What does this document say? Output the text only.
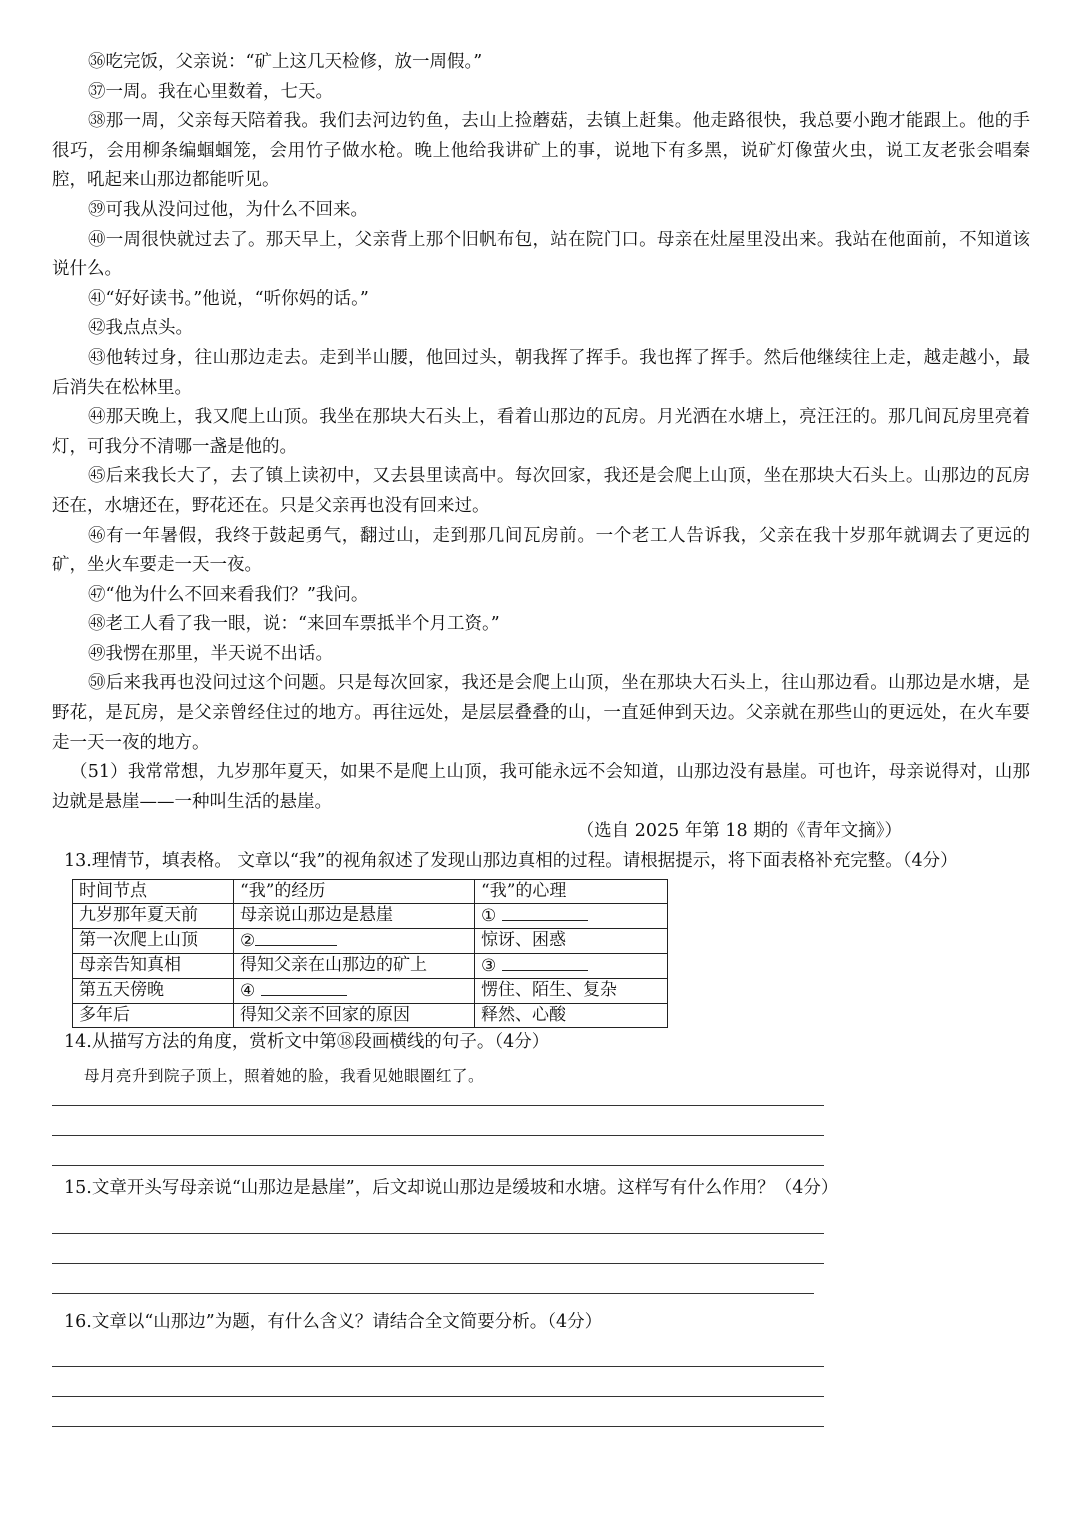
㊱吃完饭，父亲说：“矿上这几天检修，放一周假。”

㊲一周。我在心里数着，七天。

㊳那一周，父亲每天陪着我。我们去河边钓鱼，去山上捡蘑菇，去镇上赶集。他走路很快，我总要小跑才能跟上。他的手很巧，会用柳条编蝈蝈笼，会用竹子做水枪。晚上他给我讲矿上的事，说地下有多黑，说矿灯像萤火虫，说工友老张会唱秦腔，吼起来山那边都能听见。

㊴可我从没问过他，为什么不回来。

㊵一周很快就过去了。那天早上，父亲背上那个旧帆布包，站在院门口。母亲在灶屋里没出来。我站在他面前，不知道该说什么。

㊶“好好读书。”他说，“听你妈的话。”

㊷我点点头。

㊸他转过身，往山那边走去。走到半山腰，他回过头，朝我挥了挥手。我也挥了挥手。然后他继续往上走，越走越小，最后消失在松林里。

㊹那天晚上，我又爬上山顶。我坐在那块大石头上，看着山那边的瓦房。月光洒在水塘上，亮汪汪的。那几间瓦房里亮着灯，可我分不清哪一盏是他的。

㊺后来我长大了，去了镇上读初中，又去县里读高中。每次回家，我还是会爬上山顶，坐在那块大石头上。山那边的瓦房还在，水塘还在，野花还在。只是父亲再也没有回来过。

㊻有一年暑假，我终于鼓起勇气，翻过山，走到那几间瓦房前。一个老工人告诉我，父亲在我十岁那年就调去了更远的矿，坐火车要走一天一夜。

㊼“他为什么不回来看我们？”我问。

㊽老工人看了我一眼，说：“来回车票抵半个月工资。”

㊾我愣在那里，半天说不出话。

㊿后来我再也没问过这个问题。只是每次回家，我还是会爬上山顶，坐在那块大石头上，往山那边看。山那边是水塘，是野花，是瓦房，是父亲曾经住过的地方。再往远处，是层层叠叠的山，一直延伸到天边。父亲就在那些山的更远处，在火车要走一天一夜的地方。

（51）我常常想，九岁那年夏天，如果不是爬上山顶，我可能永远不会知道，山那边没有悬崖。可也许，母亲说得对，山那边就是悬崖——一种叫生活的悬崖。

（选自 2025 年第 18 期的《青年文摘》）

13.理情节，填表格。 文章以“我”的视角叙述了发现山那边真相的过程。请根据提示，将下面表格补充完整。（4分）

时间节点	“我”的经历	“我”的心理
九岁那年夏天前	母亲说山那边是悬崖	①
第一次爬上山顶	②	惊讶、困惑
母亲告知真相	得知父亲在山那边的矿上	③
第五天傍晚	④	愣住、陌生、复杂
多年后	得知父亲不回家的原因	释然、心酸

14.从描写方法的角度，赏析文中第⑱段画横线的句子。（4分）

母月亮升到院子顶上，照着她的脸，我看见她眼圈红了。

15.文章开头写母亲说“山那边是悬崖”，后文却说山那边是缓坡和水塘。这样写有什么作用？（4分）

16.文章以“山那边”为题，有什么含义？请结合全文简要分析。（4分）
